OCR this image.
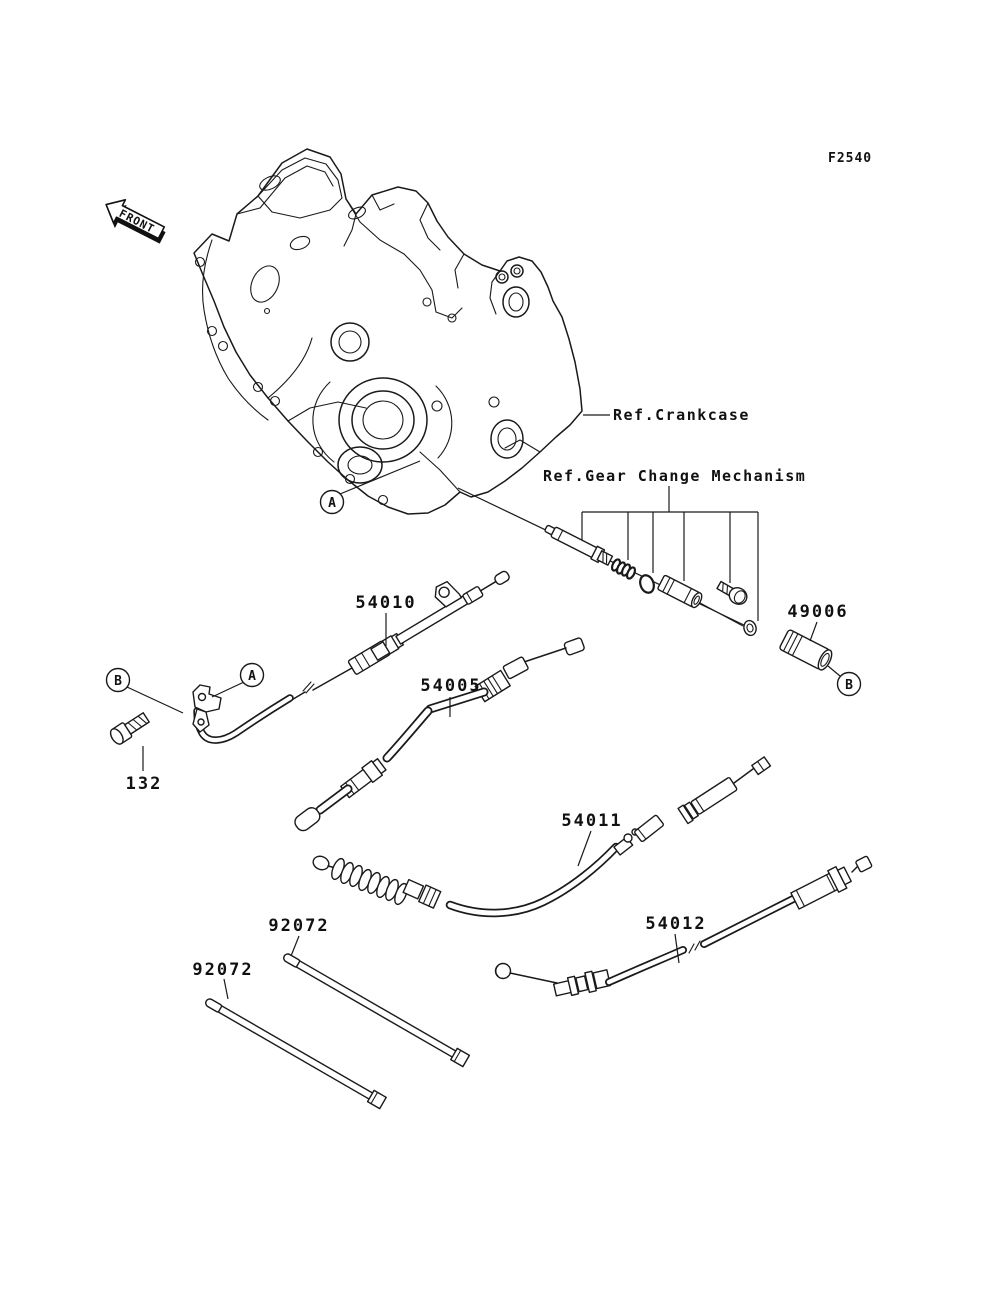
FRONT
F2540
Ref.Crankcase
Ref.Gear Change Mechanism
49006
54010
132
54005
54011
54012
92072
92072
A
A
B	B
